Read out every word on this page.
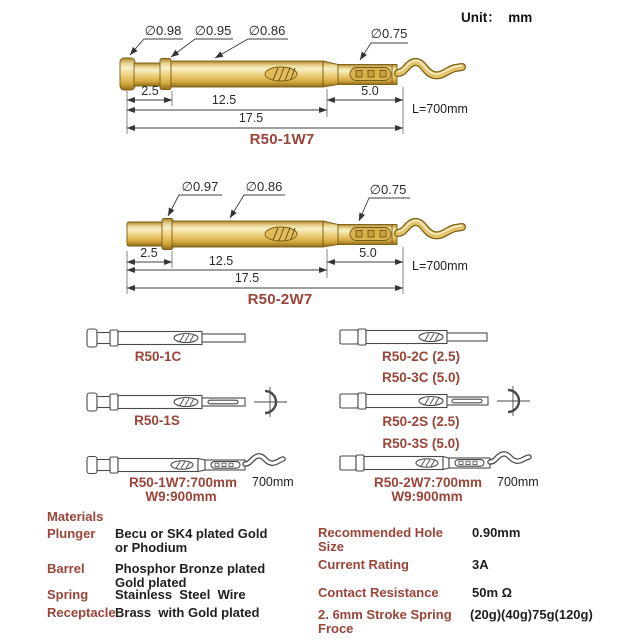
Unit：  mm
∅0.98 ∅0.95 ∅0.86	∅0.75
2.5
12.5
5.0
17.5
L=700mm
R50-1W7
∅0.97 ∅0.86	∅0.75
2.5
12.5
5.0
17.5
L=700mm
R50-2W7
R50-1C	R50-2C (2.5)
R50-3C (5.0)
R50-1S	R50-2S (2.5)
R50-3S (5.0)
R50-1W7:700mm
W9:900mm
700mm	R50-2W7:700mm
W9:900mm
700mm
Materials
Plunger Becu or SK4 plated Gold or Phodium
Barrel Phosphor Bronze plated Gold plated
Spring Stainless  Steel  Wire
Receptacle Brass  with Gold plated
Recommended Hole Size
0.90mm
Current Rating	3A
Contact Resistance	50m Ω
2. 6mm Stroke Spring Froce
(20g)(40g)75g(120g)
